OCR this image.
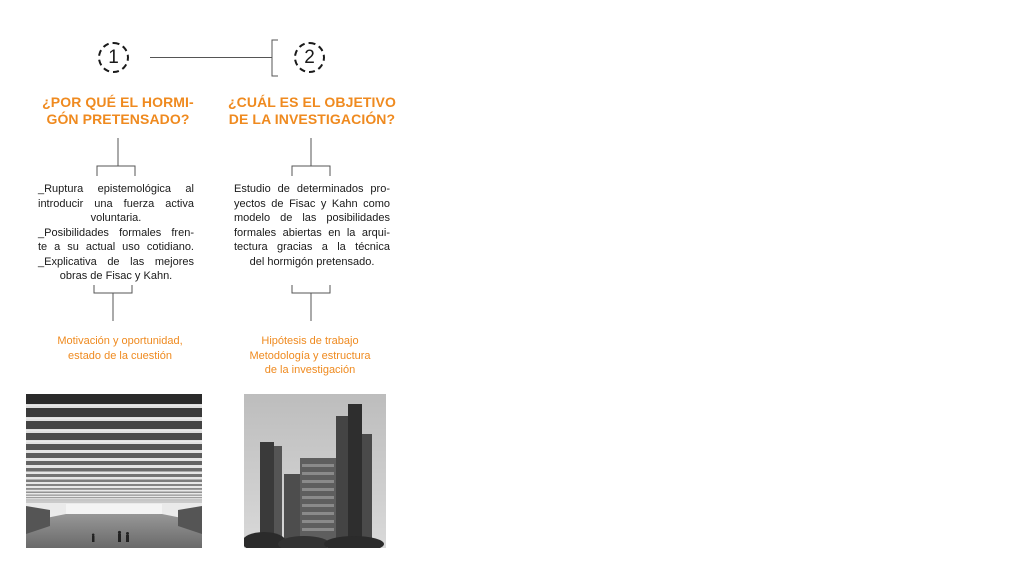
1
¿POR QUÉ EL HORMI-
GÓN PRETENSADO?
_Ruptura epistemológica al
introducir una fuerza activa
voluntaria.
_Posibilidades formales fren-
te a su actual uso cotidiano.
_Explicativa de las mejores
obras de Fisac y Kahn.
Motivación y oportunidad,
estado de la cuestión
2
¿CUÁL ES EL OBJETIVO
DE LA INVESTIGACIÓN?
Estudio de determinados pro-
yectos de Fisac y Kahn como
modelo de las posibilidades
formales abiertas en la arqui-
tectura gracias a la técnica
del hormigón pretensado.
Hipótesis de trabajo
Metodología y estructura
de la investigación
